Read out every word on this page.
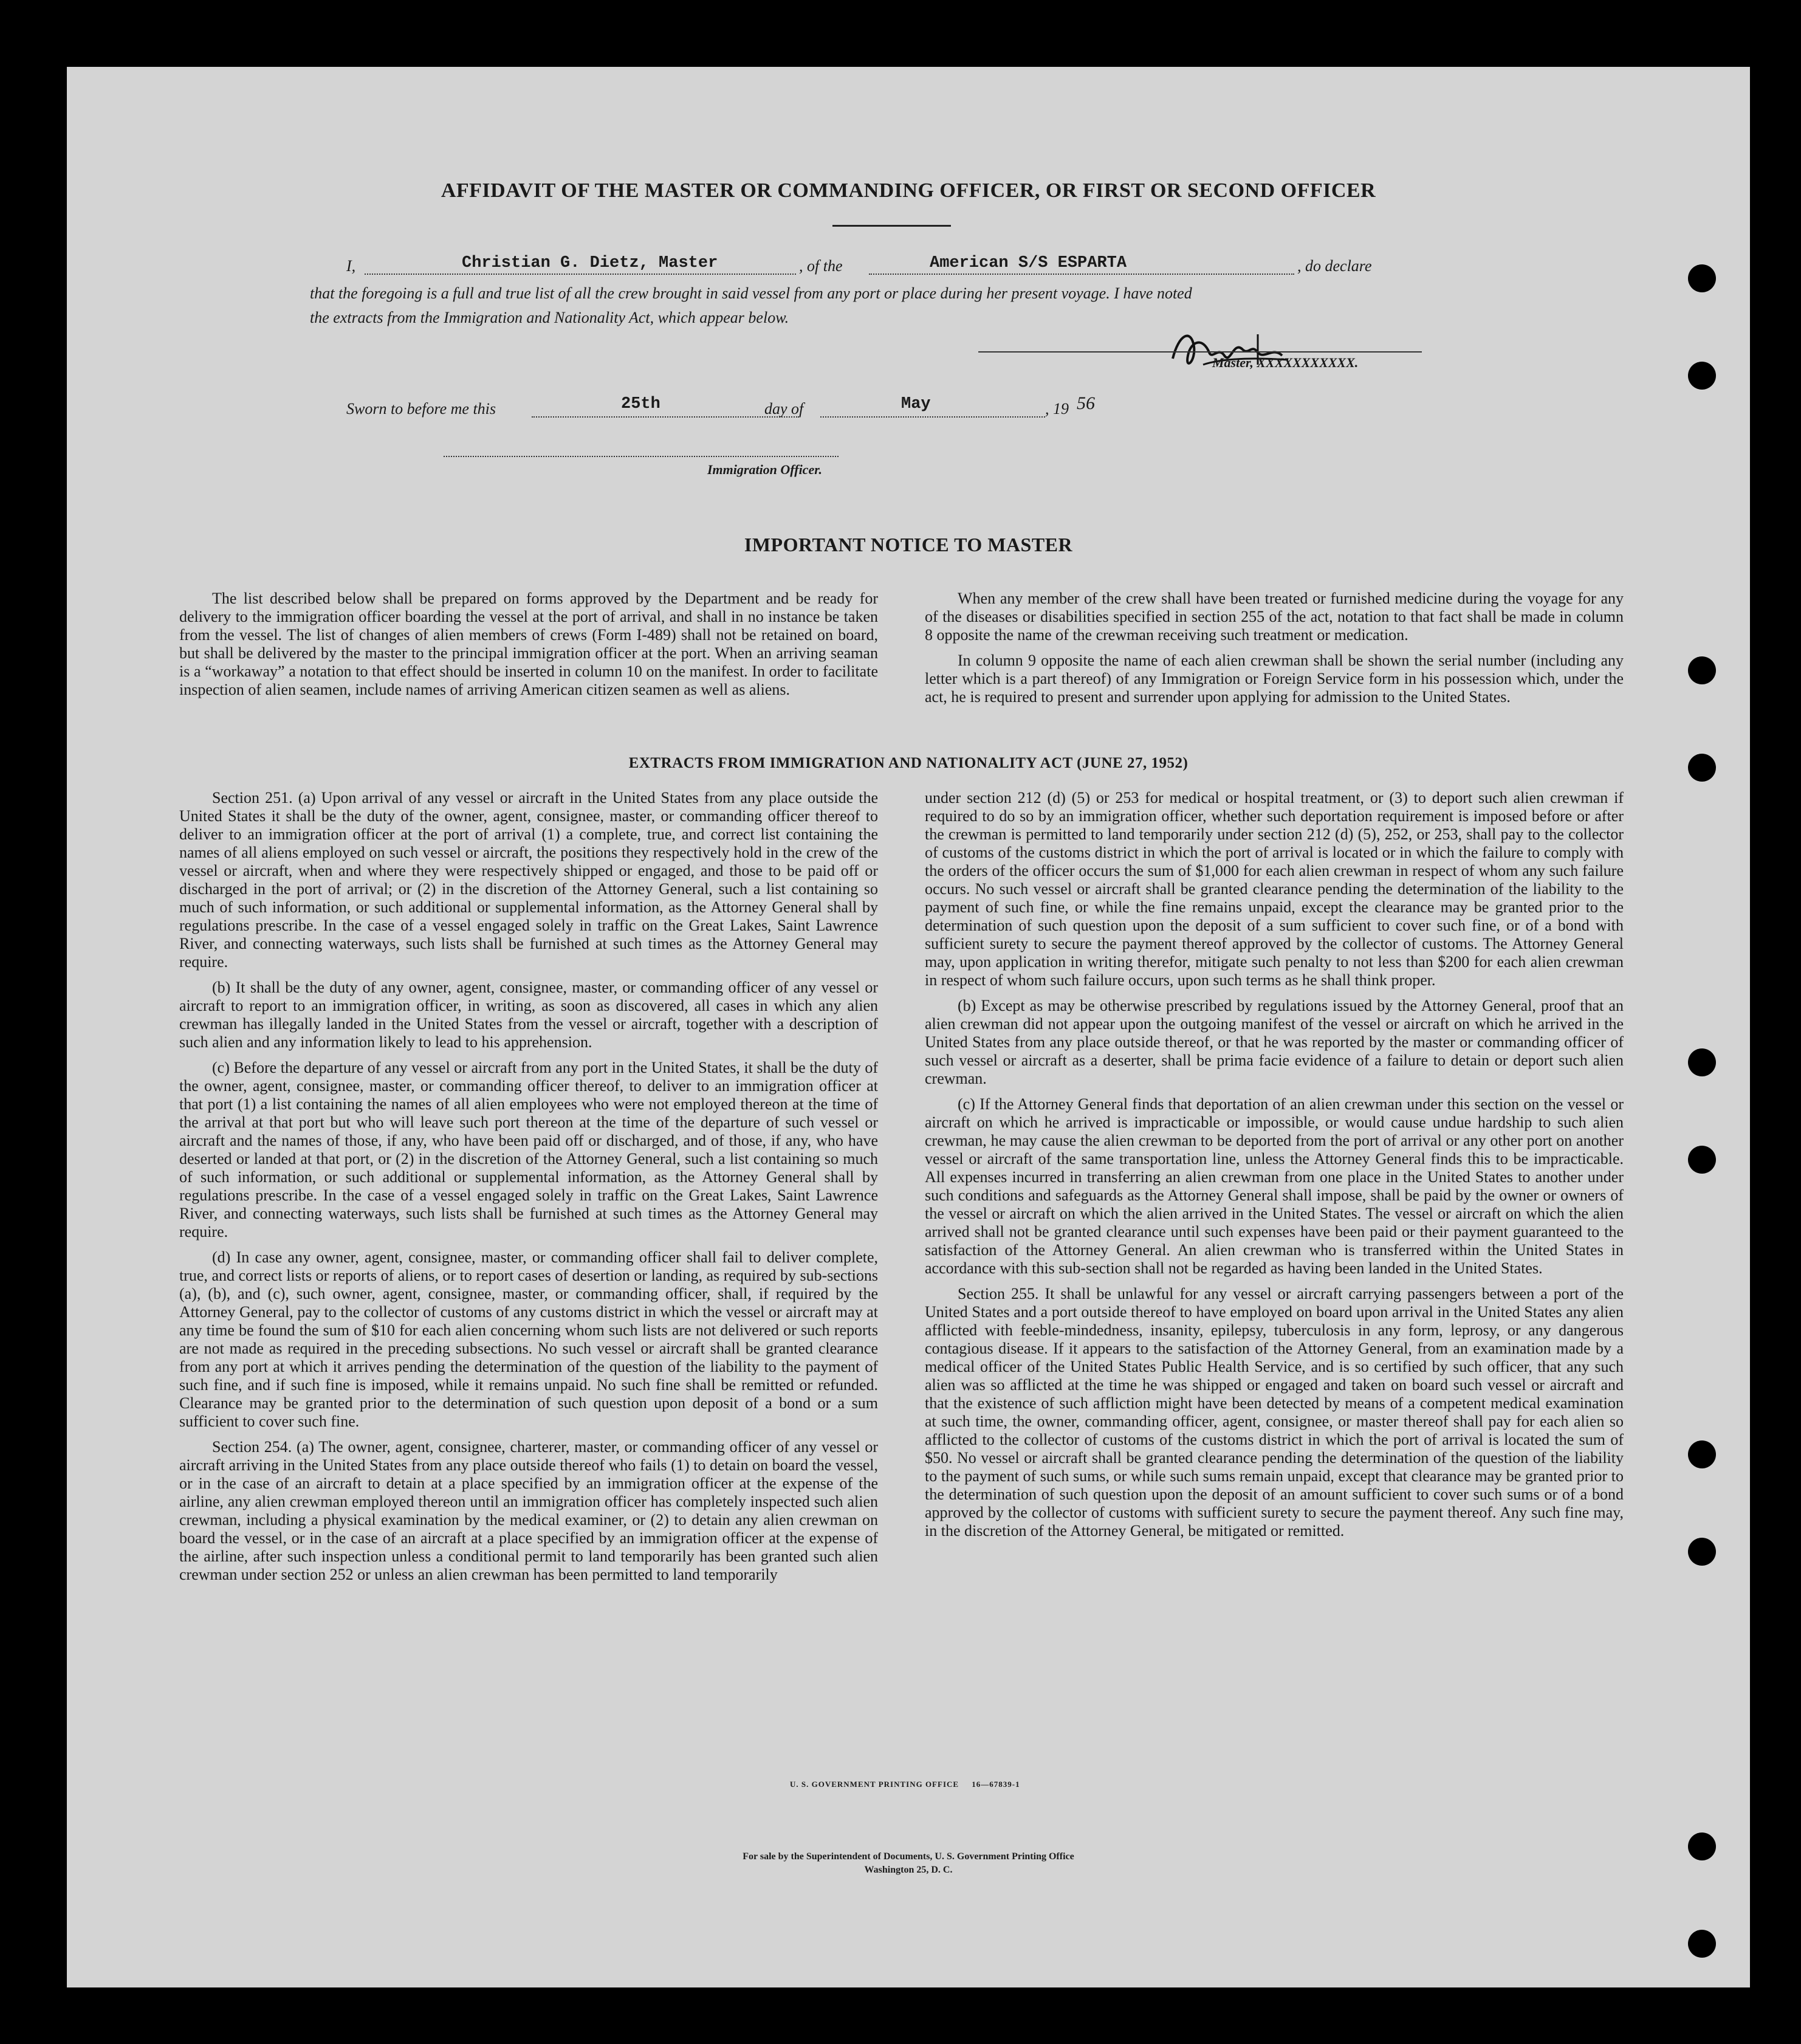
AFFIDAVIT OF THE MASTER OR COMMANDING OFFICER, OR FIRST OR SECOND OFFICER
I,	Christian G. Dietz, Master	, of the	American S/S ESPARTA	, do declare
that the foregoing is a full and true list of all the crew brought in said vessel from any port or place during her present voyage. I have noted
the extracts from the Immigration and Nationality Act, which appear below.
Master, XXXXXXXXXXX.
Sworn to before me this	25th	day of	May	, 19 56
Immigration Officer.
IMPORTANT NOTICE TO MASTER

The list described below shall be prepared on forms approved by the Department and be ready for delivery to the immigration officer boarding the vessel at the port of arrival, and shall in no instance be taken from the vessel. The list of changes of alien members of crews (Form I-489) shall not be retained on board, but shall be delivered by the master to the principal immigration officer at the port. When an arriving seaman is a “workaway” a notation to that effect should be inserted in column 10 on the manifest. In order to facilitate inspection of alien seamen, include names of arriving American citizen seamen as well as aliens.

When any member of the crew shall have been treated or furnished medicine during the voyage for any of the diseases or disabilities specified in section 255 of the act, notation to that fact shall be made in column 8 opposite the name of the crewman receiving such treatment or medication.

In column 9 opposite the name of each alien crewman shall be shown the serial number (including any letter which is a part thereof) of any Immigration or Foreign Service form in his possession which, under the act, he is required to present and surrender upon applying for admission to the United States.

EXTRACTS FROM IMMIGRATION AND NATIONALITY ACT (JUNE 27, 1952)

Section 251. (a) Upon arrival of any vessel or aircraft in the United States from any place outside the United States it shall be the duty of the owner, agent, consignee, master, or commanding officer thereof to deliver to an immigration officer at the port of arrival (1) a complete, true, and correct list containing the names of all aliens employed on such vessel or aircraft, the positions they respectively hold in the crew of the vessel or aircraft, when and where they were respectively shipped or engaged, and those to be paid off or discharged in the port of arrival; or (2) in the discretion of the Attorney General, such a list containing so much of such information, or such additional or supplemental information, as the Attorney General shall by regulations prescribe. In the case of a vessel engaged solely in traffic on the Great Lakes, Saint Lawrence River, and connecting waterways, such lists shall be furnished at such times as the Attorney General may require.

(b) It shall be the duty of any owner, agent, consignee, master, or commanding officer of any vessel or aircraft to report to an immigration officer, in writing, as soon as discovered, all cases in which any alien crewman has illegally landed in the United States from the vessel or aircraft, together with a description of such alien and any information likely to lead to his apprehension.

(c) Before the departure of any vessel or aircraft from any port in the United States, it shall be the duty of the owner, agent, consignee, master, or commanding officer thereof, to deliver to an immigration officer at that port (1) a list containing the names of all alien employees who were not employed thereon at the time of the arrival at that port but who will leave such port thereon at the time of the departure of such vessel or aircraft and the names of those, if any, who have been paid off or discharged, and of those, if any, who have deserted or landed at that port, or (2) in the discretion of the Attorney General, such a list containing so much of such information, or such additional or supplemental information, as the Attorney General shall by regulations prescribe. In the case of a vessel engaged solely in traffic on the Great Lakes, Saint Lawrence River, and connecting waterways, such lists shall be furnished at such times as the Attorney General may require.

(d) In case any owner, agent, consignee, master, or commanding officer shall fail to deliver complete, true, and correct lists or reports of aliens, or to report cases of desertion or landing, as required by sub-sections (a), (b), and (c), such owner, agent, consignee, master, or commanding officer, shall, if required by the Attorney General, pay to the collector of customs of any customs district in which the vessel or aircraft may at any time be found the sum of $10 for each alien concerning whom such lists are not delivered or such reports are not made as required in the preceding subsections. No such vessel or aircraft shall be granted clearance from any port at which it arrives pending the determination of the question of the liability to the payment of such fine, and if such fine is imposed, while it remains unpaid. No such fine shall be remitted or refunded. Clearance may be granted prior to the determination of such question upon deposit of a bond or a sum sufficient to cover such fine.

Section 254. (a) The owner, agent, consignee, charterer, master, or commanding officer of any vessel or aircraft arriving in the United States from any place outside thereof who fails (1) to detain on board the vessel, or in the case of an aircraft to detain at a place specified by an immigration officer at the expense of the airline, any alien crewman employed thereon until an immigration officer has completely inspected such alien crewman, including a physical examination by the medical examiner, or (2) to detain any alien crewman on board the vessel, or in the case of an aircraft at a place specified by an immigration officer at the expense of the airline, after such inspection unless a conditional permit to land temporarily has been granted such alien crewman under section 252 or unless an alien crewman has been permitted to land temporarily

under section 212 (d) (5) or 253 for medical or hospital treatment, or (3) to deport such alien crewman if required to do so by an immigration officer, whether such deportation requirement is imposed before or after the crewman is permitted to land temporarily under section 212 (d) (5), 252, or 253, shall pay to the collector of customs of the customs district in which the port of arrival is located or in which the failure to comply with the orders of the officer occurs the sum of $1,000 for each alien crewman in respect of whom any such failure occurs. No such vessel or aircraft shall be granted clearance pending the determination of the liability to the payment of such fine, or while the fine remains unpaid, except the clearance may be granted prior to the determination of such question upon the deposit of a sum sufficient to cover such fine, or of a bond with sufficient surety to secure the payment thereof approved by the collector of customs. The Attorney General may, upon application in writing therefor, mitigate such penalty to not less than $200 for each alien crewman in respect of whom such failure occurs, upon such terms as he shall think proper.

(b) Except as may be otherwise prescribed by regulations issued by the Attorney General, proof that an alien crewman did not appear upon the outgoing manifest of the vessel or aircraft on which he arrived in the United States from any place outside thereof, or that he was reported by the master or commanding officer of such vessel or aircraft as a deserter, shall be prima facie evidence of a failure to detain or deport such alien crewman.

(c) If the Attorney General finds that deportation of an alien crewman under this section on the vessel or aircraft on which he arrived is impracticable or impossible, or would cause undue hardship to such alien crewman, he may cause the alien crewman to be deported from the port of arrival or any other port on another vessel or aircraft of the same transportation line, unless the Attorney General finds this to be impracticable. All expenses incurred in transferring an alien crewman from one place in the United States to another under such conditions and safeguards as the Attorney General shall impose, shall be paid by the owner or owners of the vessel or aircraft on which the alien arrived in the United States. The vessel or aircraft on which the alien arrived shall not be granted clearance until such expenses have been paid or their payment guaranteed to the satisfaction of the Attorney General. An alien crewman who is transferred within the United States in accordance with this sub-section shall not be regarded as having been landed in the United States.

Section 255. It shall be unlawful for any vessel or aircraft carrying passengers between a port of the United States and a port outside thereof to have employed on board upon arrival in the United States any alien afflicted with feeble-mindedness, insanity, epilepsy, tuberculosis in any form, leprosy, or any dangerous contagious disease. If it appears to the satisfaction of the Attorney General, from an examination made by a medical officer of the United States Public Health Service, and is so certified by such officer, that any such alien was so afflicted at the time he was shipped or engaged and taken on board such vessel or aircraft and that the existence of such affliction might have been detected by means of a competent medical examination at such time, the owner, commanding officer, agent, consignee, or master thereof shall pay for each alien so afflicted to the collector of customs of the customs district in which the port of arrival is located the sum of $50. No vessel or aircraft shall be granted clearance pending the determination of the question of the liability to the payment of such sums, or while such sums remain unpaid, except that clearance may be granted prior to the determination of such question upon the deposit of an amount sufficient to cover such sums or of a bond approved by the collector of customs with sufficient surety to secure the payment thereof. Any such fine may, in the discretion of the Attorney General, be mitigated or remitted.

U. S. GOVERNMENT PRINTING OFFICE     16—67839-1
For sale by the Superintendent of Documents, U. S. Government Printing Office
Washington 25, D. C.
